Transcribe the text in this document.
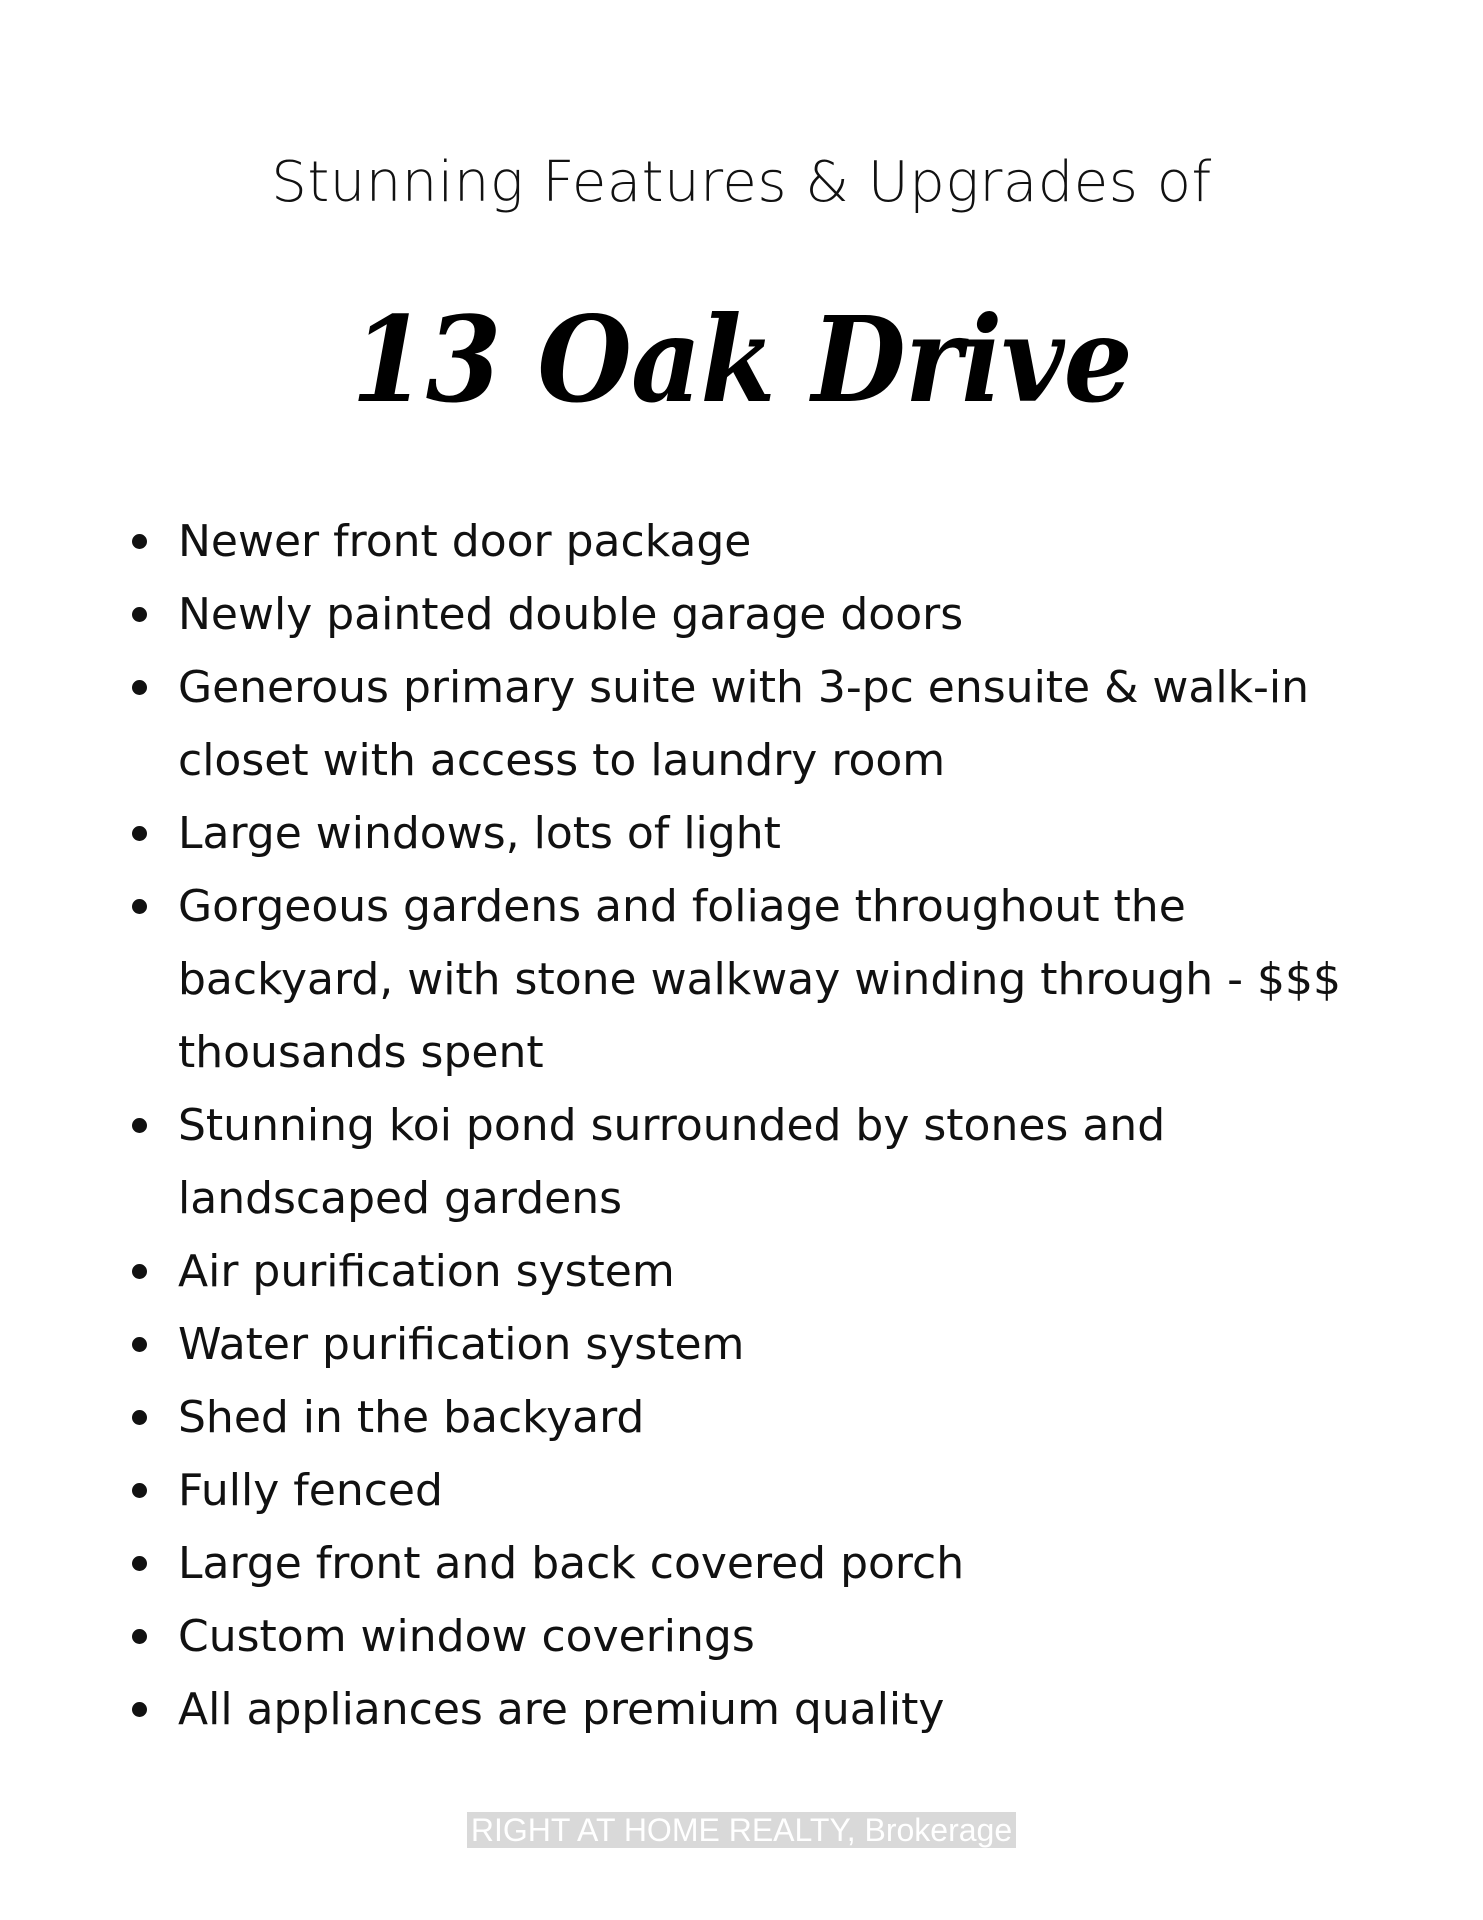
Stunning Features & Upgrades of
13 Oak Drive
Newer front door package
Newly painted double garage doors
Generous primary suite with 3-pc ensuite & walk-in closet with access to laundry room
Large windows, lots of light
Gorgeous gardens and foliage throughout the backyard, with stone walkway winding through - $$$ thousands spent
Stunning koi pond surrounded by stones and landscaped gardens
Air purification system
Water purification system
Shed in the backyard
Fully fenced
Large front and back covered porch
Custom window coverings
All appliances are premium quality
RIGHT AT HOME REALTY, Brokerage
